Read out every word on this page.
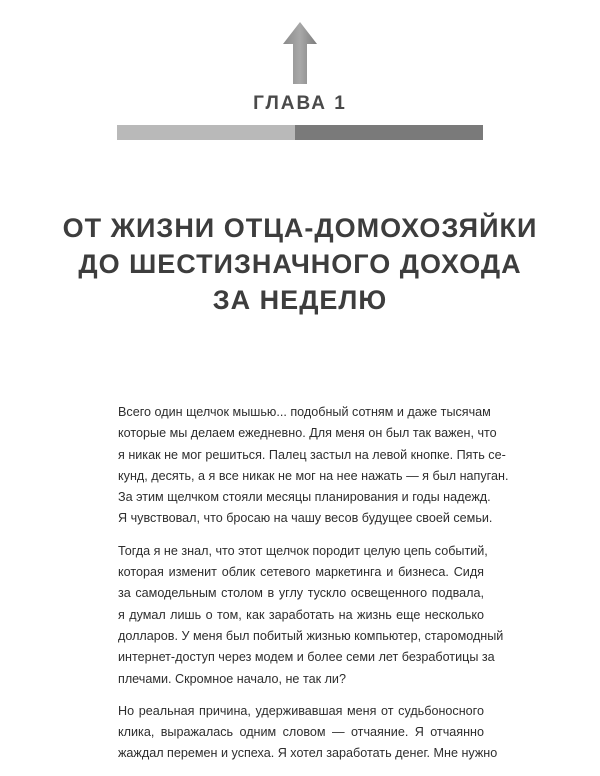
ГЛАВА 1
ОТ ЖИЗНИ ОТЦА-ДОМОХОЗЯЙКИ
ДО ШЕСТИЗНАЧНОГО ДОХОДА
ЗА НЕДЕЛЮ

Всего один щелчок мышью... подобный сотням и даже тысячам
которые мы делаем ежедневно. Для меня он был так важен, что
я никак не мог решиться. Палец застыл на левой кнопке. Пять се-
кунд, десять, а я все никак не мог на нее нажать — я был напуган.
За этим щелчком стояли месяцы планирования и годы надежд.
Я чувствовал, что бросаю на чашу весов будущее своей семьи.

Тогда я не знал, что этот щелчок породит целую цепь событий,
которая изменит облик сетевого маркетинга и бизнеса. Сидя
за самодельным столом в углу тускло освещенного подвала,
я думал лишь о том, как заработать на жизнь еще несколько
долларов. У меня был побитый жизнью компьютер, старомодный
интернет-доступ через модем и более семи лет безработицы за
плечами. Скромное начало, не так ли?

Но реальная причина, удерживавшая меня от судьбоносного
клика, выражалась одним словом — отчаяние. Я отчаянно
жаждал перемен и успеха. Я хотел заработать денег. Мне нужно
